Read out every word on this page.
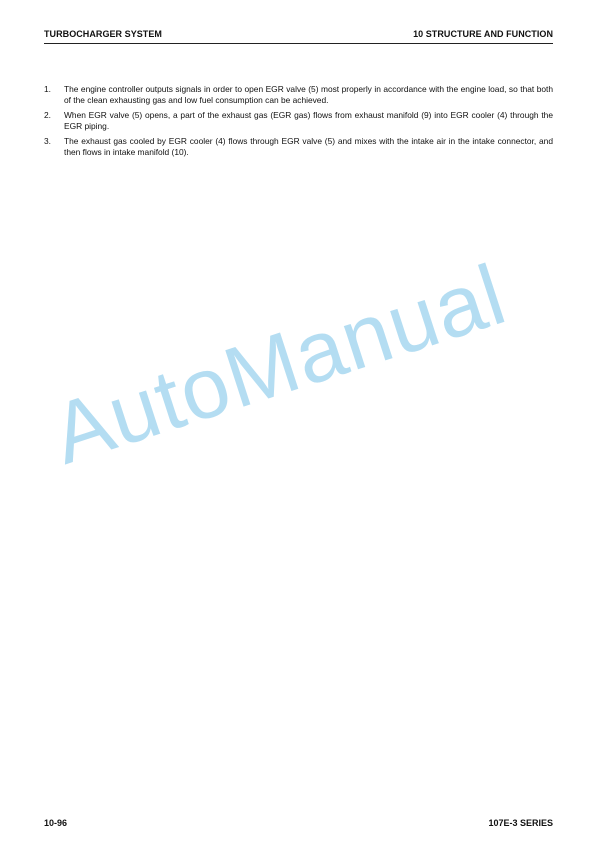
TURBOCHARGER SYSTEM	10 STRUCTURE AND FUNCTION
1.	The engine controller outputs signals in order to open EGR valve (5) most properly in accordance with the engine load, so that both of the clean exhausting gas and low fuel consumption can be achieved.
2.	When EGR valve (5) opens, a part of the exhaust gas (EGR gas) flows from exhaust manifold (9) into EGR cooler (4) through the EGR piping.
3.	The exhaust gas cooled by EGR cooler (4) flows through EGR valve (5) and mixes with the intake air in the intake connector, and then flows in intake manifold (10).
AutoManual
10-96	107E-3 SERIES
